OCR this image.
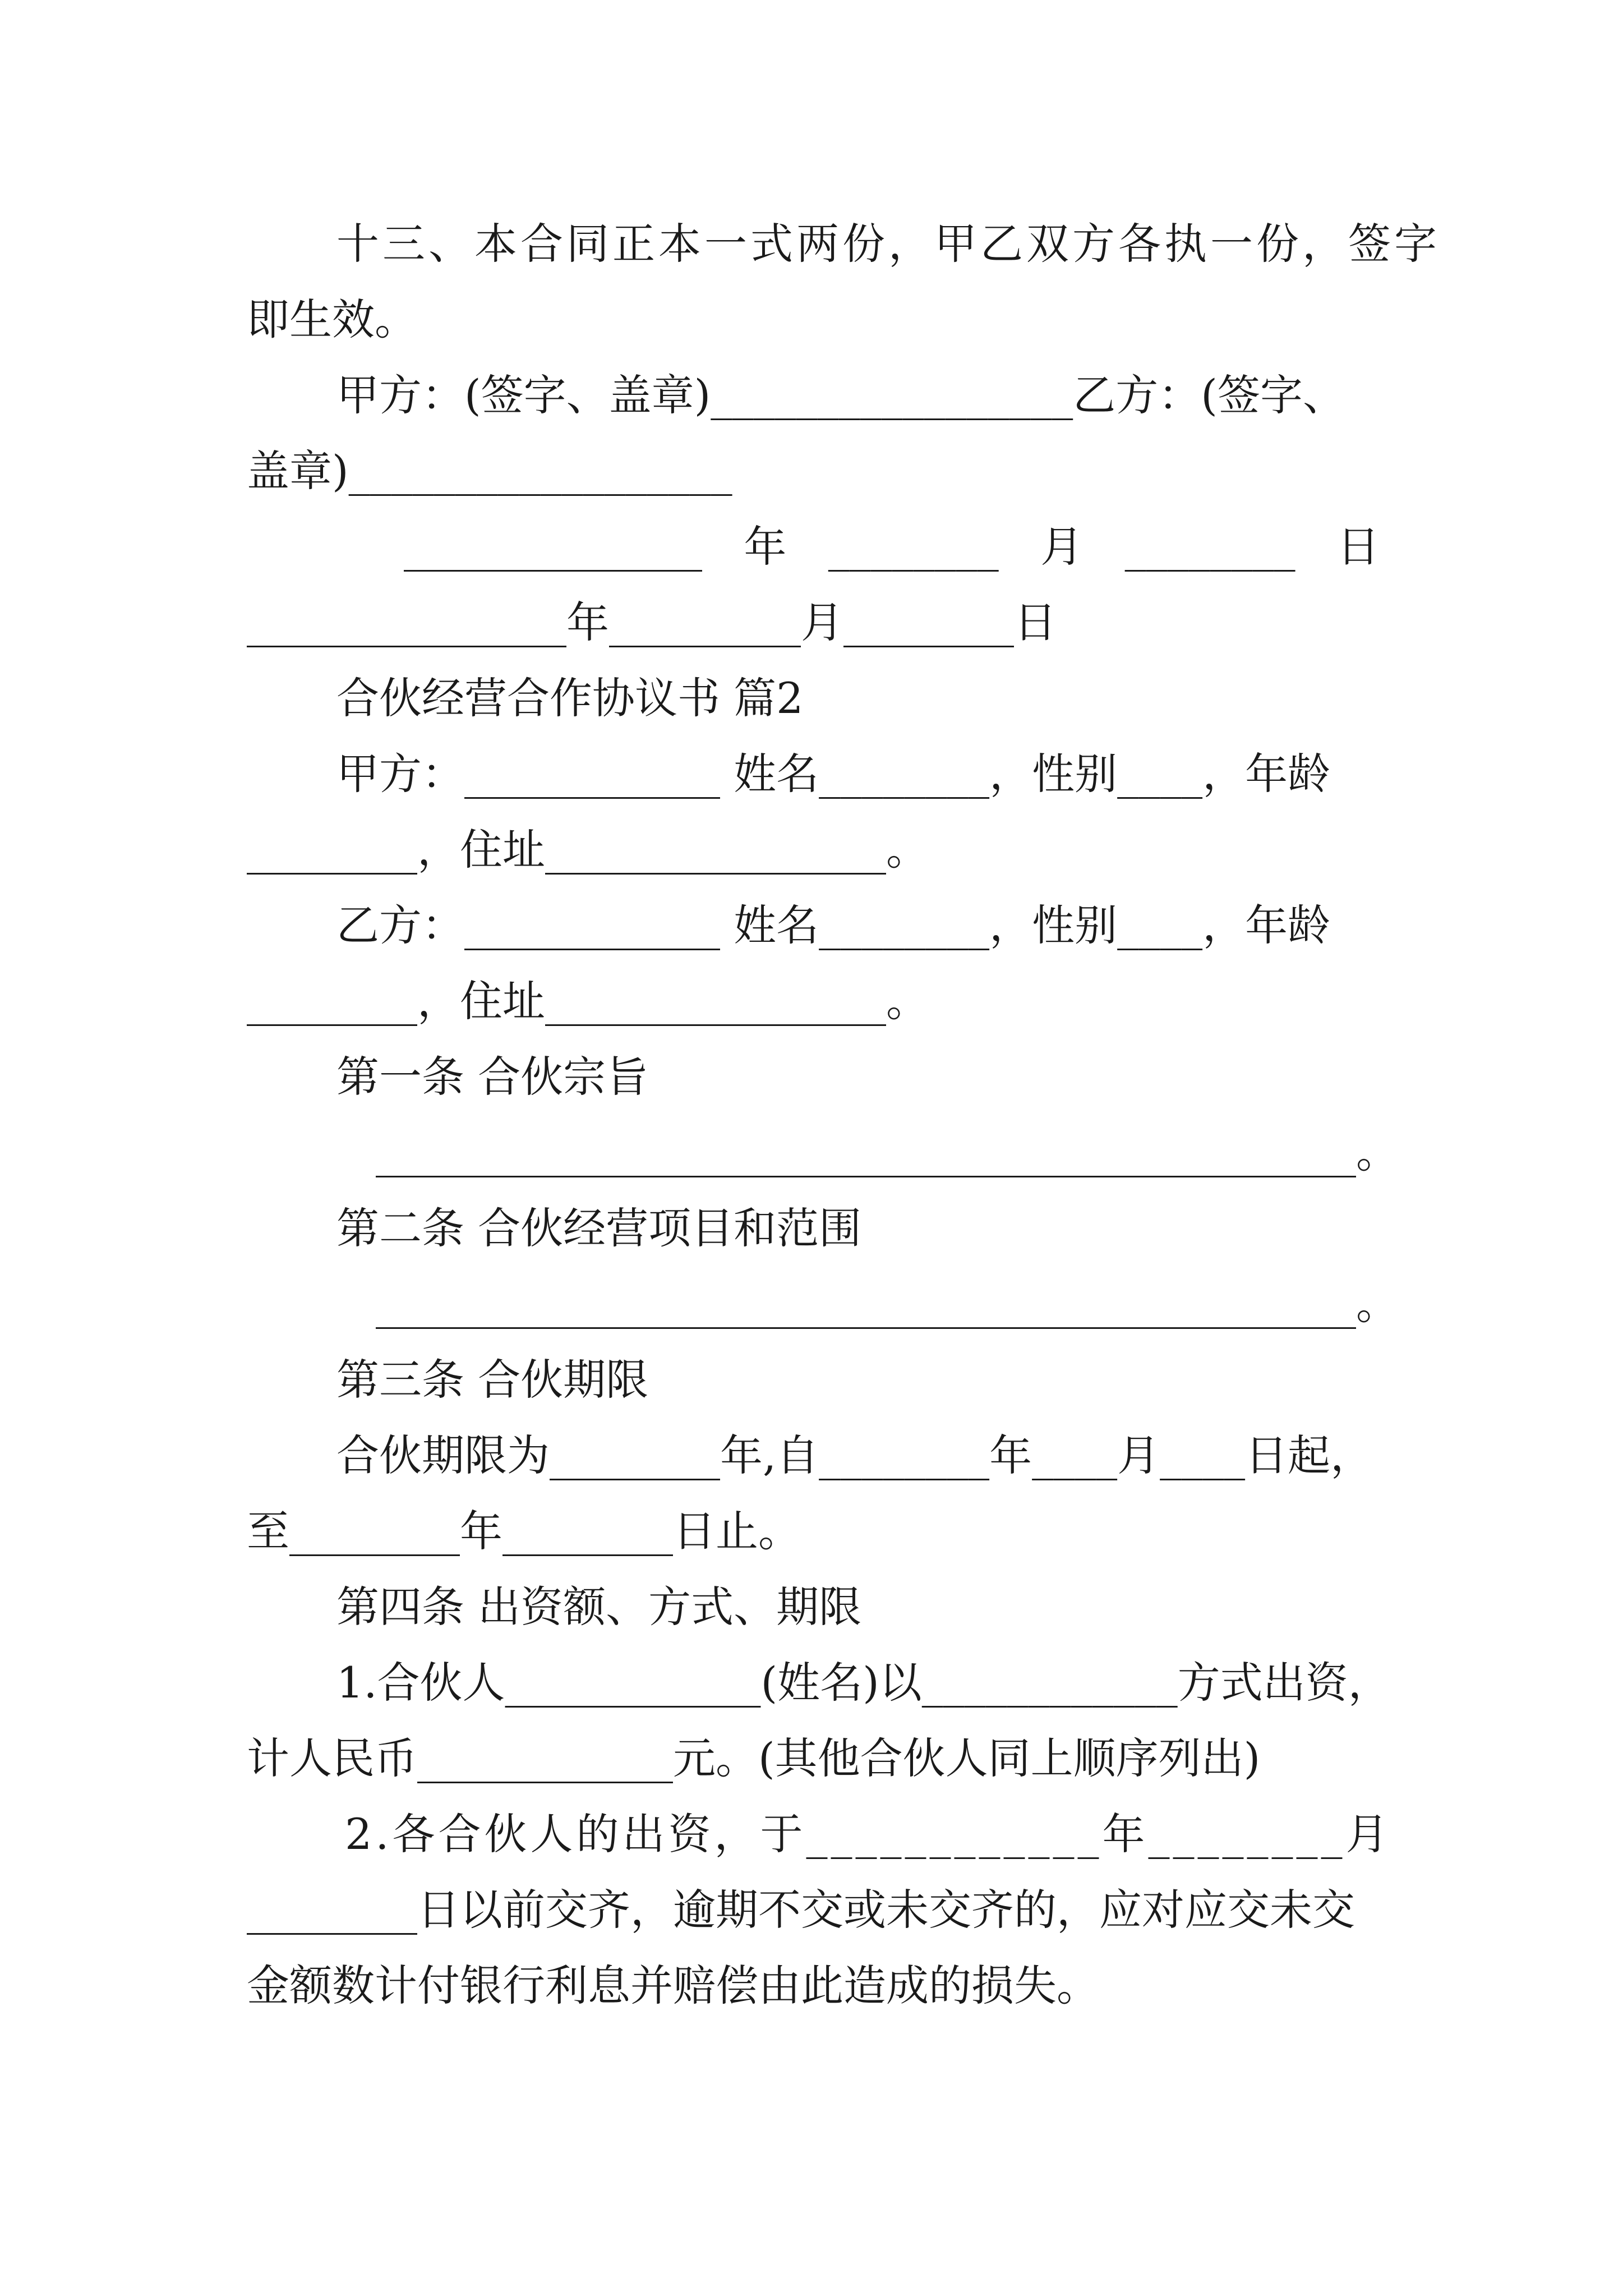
十三、本合同正本一式两份，甲乙双方各执一份，签字
即生效。
甲方：(签字、盖章)_________________乙方：(签字、
盖章)__________________
______________ 年 ________ 月 ________ 日
_______________年_________月________日
合伙经营合作协议书 篇2
甲方：____________ 姓名________，性别____，年龄
________，住址________________。
乙方：____________ 姓名________，性别____，年龄
________，住址________________。
第一条 合伙宗旨
______________________________________________。
第二条 合伙经营项目和范围
______________________________________________。
第三条 合伙期限
合伙期限为________年,自________年____月____日起，
至________年________日止。
第四条 出资额、方式、期限
1.合伙人____________(姓名)以____________方式出资，
计人民币____________元。(其他合伙人同上顺序列出)
2.各合伙人的出资，于____________年________月
________日以前交齐，逾期不交或未交齐的，应对应交未交
金额数计付银行利息并赔偿由此造成的损失。
